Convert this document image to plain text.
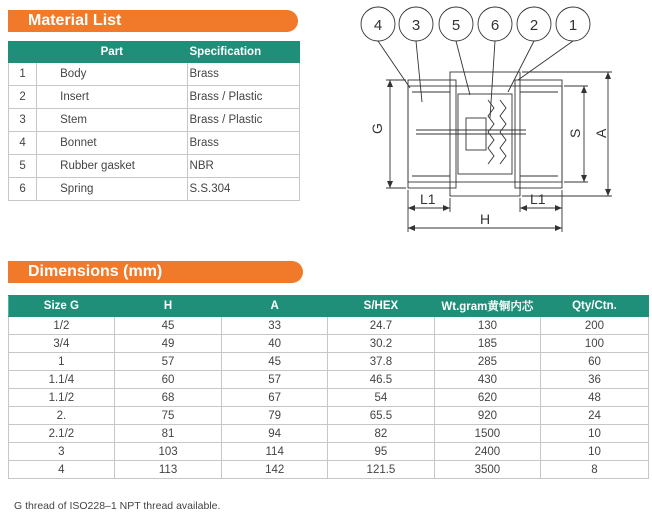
Material List
	Part	Specification
1	Body	Brass
2	Insert	Brass / Plastic
3	Stem	Brass / Plastic
4	Bonnet	Brass
5	Rubber gasket	NBR
6	Spring	S.S.304
4 3 5 6 2 1
G	S A
L1	L1
H
Dimensions (mm)
Size G	H	A	S/HEX	Wt.gram黄铜内芯	Qty/Ctn.
1/2	45	33	24.7	130	200
3/4	49	40	30.2	185	100
1	57	45	37.8	285	60
1.1/4	60	57	46.5	430	36
1.1/2	68	67	54	620	48
2.	75	79	65.5	920	24
2.1/2	81	94	82	1500	10
3	103	114	95	2400	10
4	113	142	121.5	3500	8
G thread of ISO228–1 NPT thread available.
